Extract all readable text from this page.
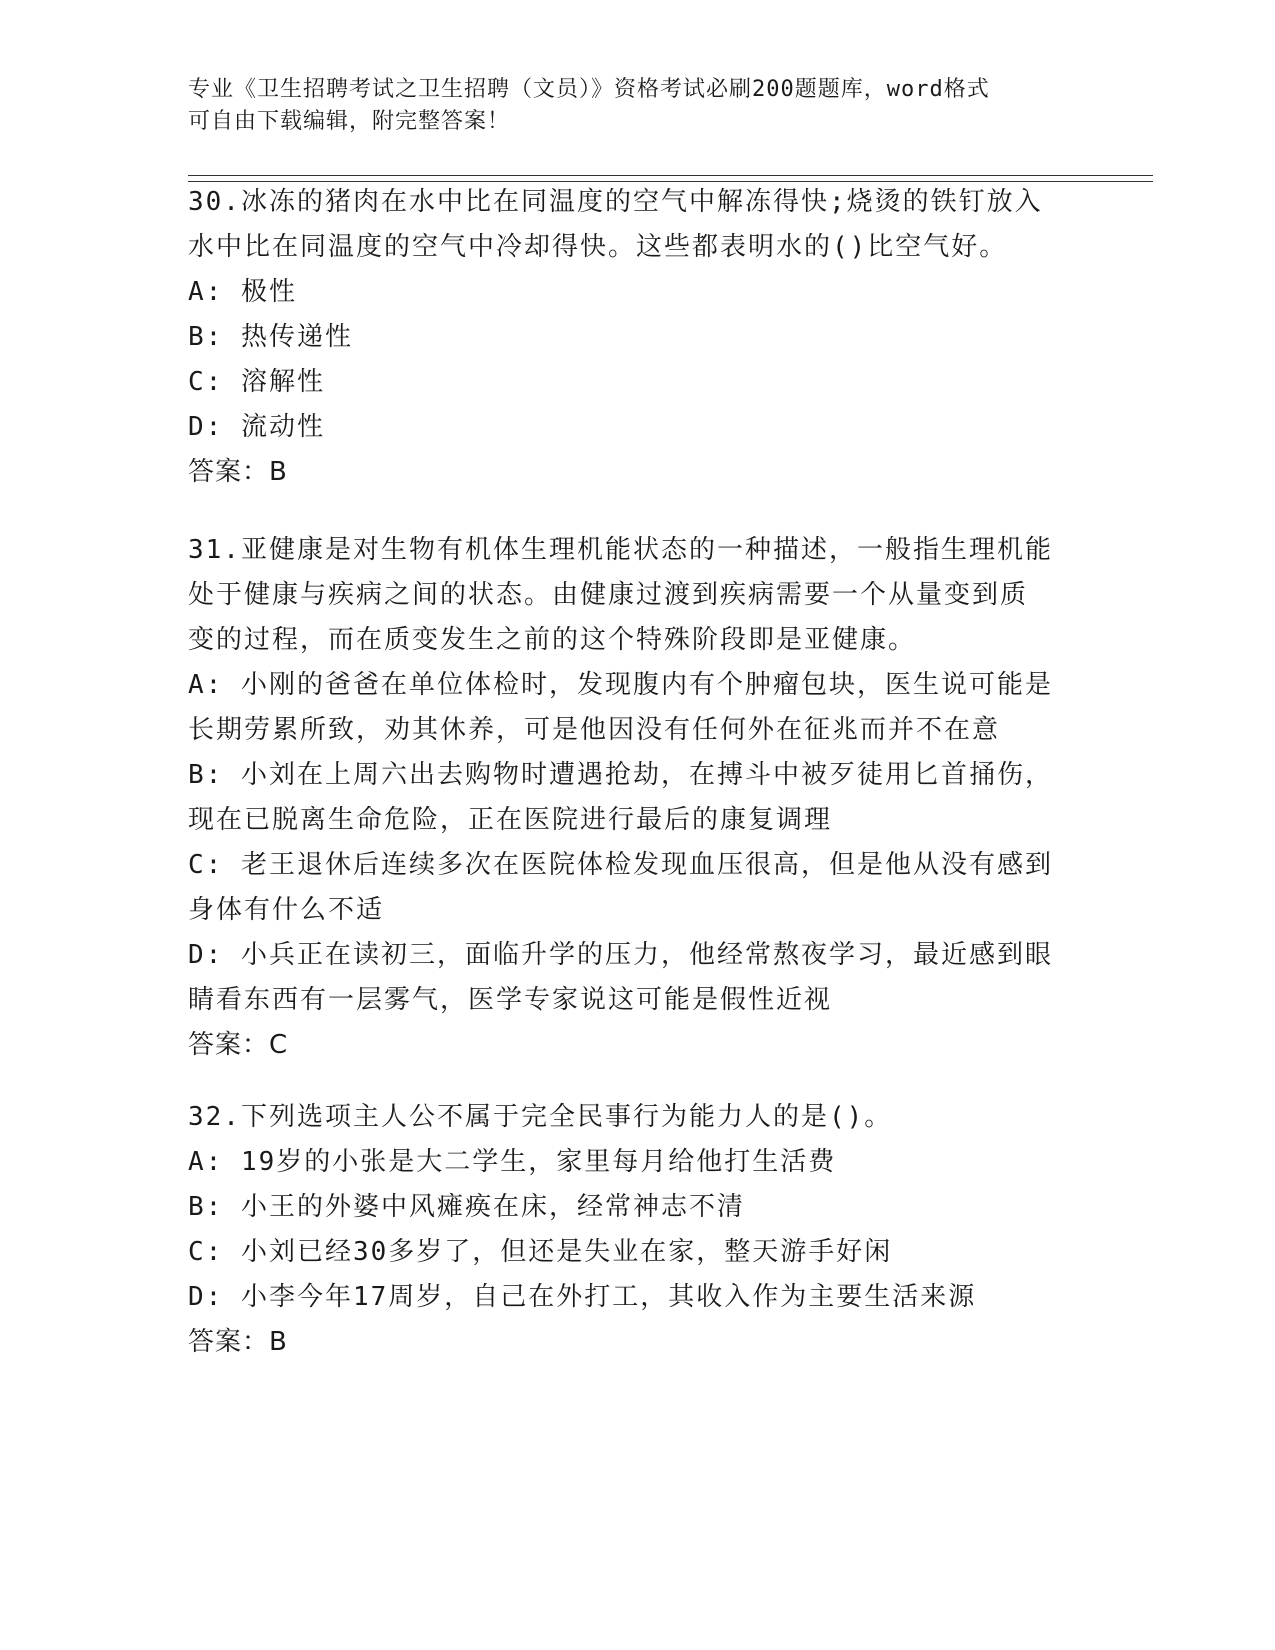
专业《卫生招聘考试之卫生招聘（文员）》资格考试必刷200题题库，word格式
可自由下载编辑，附完整答案！
30.冰冻的猪肉在水中比在同温度的空气中解冻得快;烧烫的铁钉放入
水中比在同温度的空气中冷却得快。这些都表明水的()比空气好。
A: 极性
B: 热传递性
C: 溶解性
D: 流动性
答案：B
31.亚健康是对生物有机体生理机能状态的一种描述，一般指生理机能
处于健康与疾病之间的状态。由健康过渡到疾病需要一个从量变到质
变的过程，而在质变发生之前的这个特殊阶段即是亚健康。
A: 小刚的爸爸在单位体检时，发现腹内有个肿瘤包块，医生说可能是
长期劳累所致，劝其休养，可是他因没有任何外在征兆而并不在意
B: 小刘在上周六出去购物时遭遇抢劫，在搏斗中被歹徒用匕首捅伤，
现在已脱离生命危险，正在医院进行最后的康复调理
C: 老王退休后连续多次在医院体检发现血压很高，但是他从没有感到
身体有什么不适
D: 小兵正在读初三，面临升学的压力，他经常熬夜学习，最近感到眼
睛看东西有一层雾气，医学专家说这可能是假性近视
答案：C
32.下列选项主人公不属于完全民事行为能力人的是()。
A: 19岁的小张是大二学生，家里每月给他打生活费
B: 小王的外婆中风瘫痪在床，经常神志不清
C: 小刘已经30多岁了，但还是失业在家，整天游手好闲
D: 小李今年17周岁，自己在外打工，其收入作为主要生活来源
答案：B
